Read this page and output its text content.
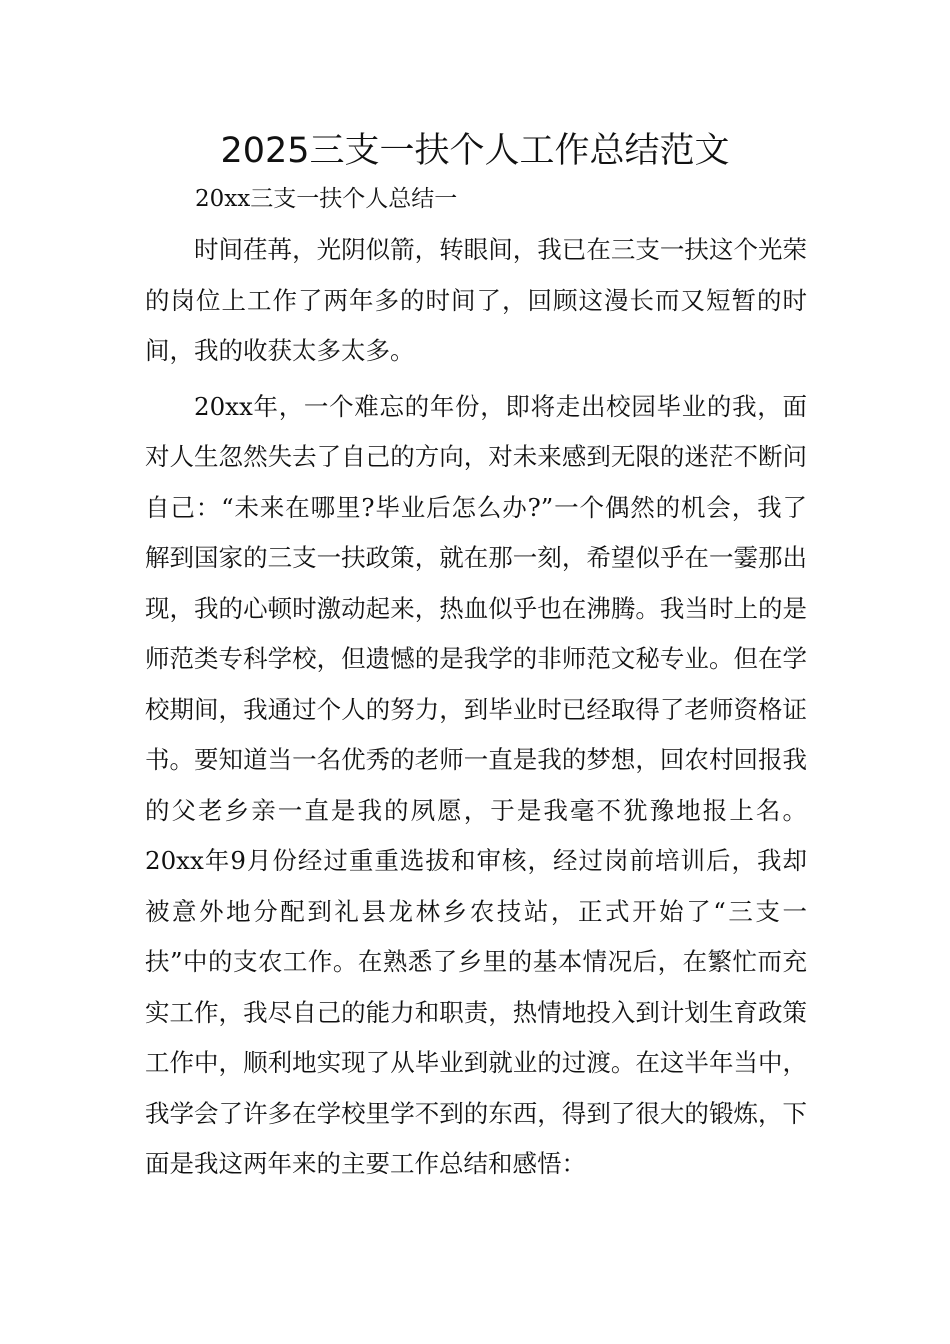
2025三支一扶个人工作总结范文
20xx三支一扶个人总结一

时间荏苒，光阴似箭，转眼间，我已在三支一扶这个光荣的岗位上工作了两年多的时间了，回顾这漫长而又短暂的时间，我的收获太多太多。

20xx年，一个难忘的年份，即将走出校园毕业的我，面对人生忽然失去了自己的方向，对未来感到无限的迷茫不断问自己：“未来在哪里?毕业后怎么办?”一个偶然的机会，我了解到国家的三支一扶政策，就在那一刻，希望似乎在一霎那出现，我的心顿时激动起来，热血似乎也在沸腾。我当时上的是师范类专科学校，但遗憾的是我学的非师范文秘专业。但在学校期间，我通过个人的努力，到毕业时已经取得了老师资格证书。要知道当一名优秀的老师一直是我的梦想，回农村回报我的父老乡亲一直是我的夙愿，于是我毫不犹豫地报上名。20xx年9月份经过重重选拔和审核，经过岗前培训后，我却被意外地分配到礼县龙林乡农技站，正式开始了“三支一扶”中的支农工作。在熟悉了乡里的基本情况后，在繁忙而充实工作，我尽自己的能力和职责，热情地投入到计划生育政策工作中，顺利地实现了从毕业到就业的过渡。在这半年当中，我学会了许多在学校里学不到的东西，得到了很大的锻炼，下面是我这两年来的主要工作总结和感悟：
